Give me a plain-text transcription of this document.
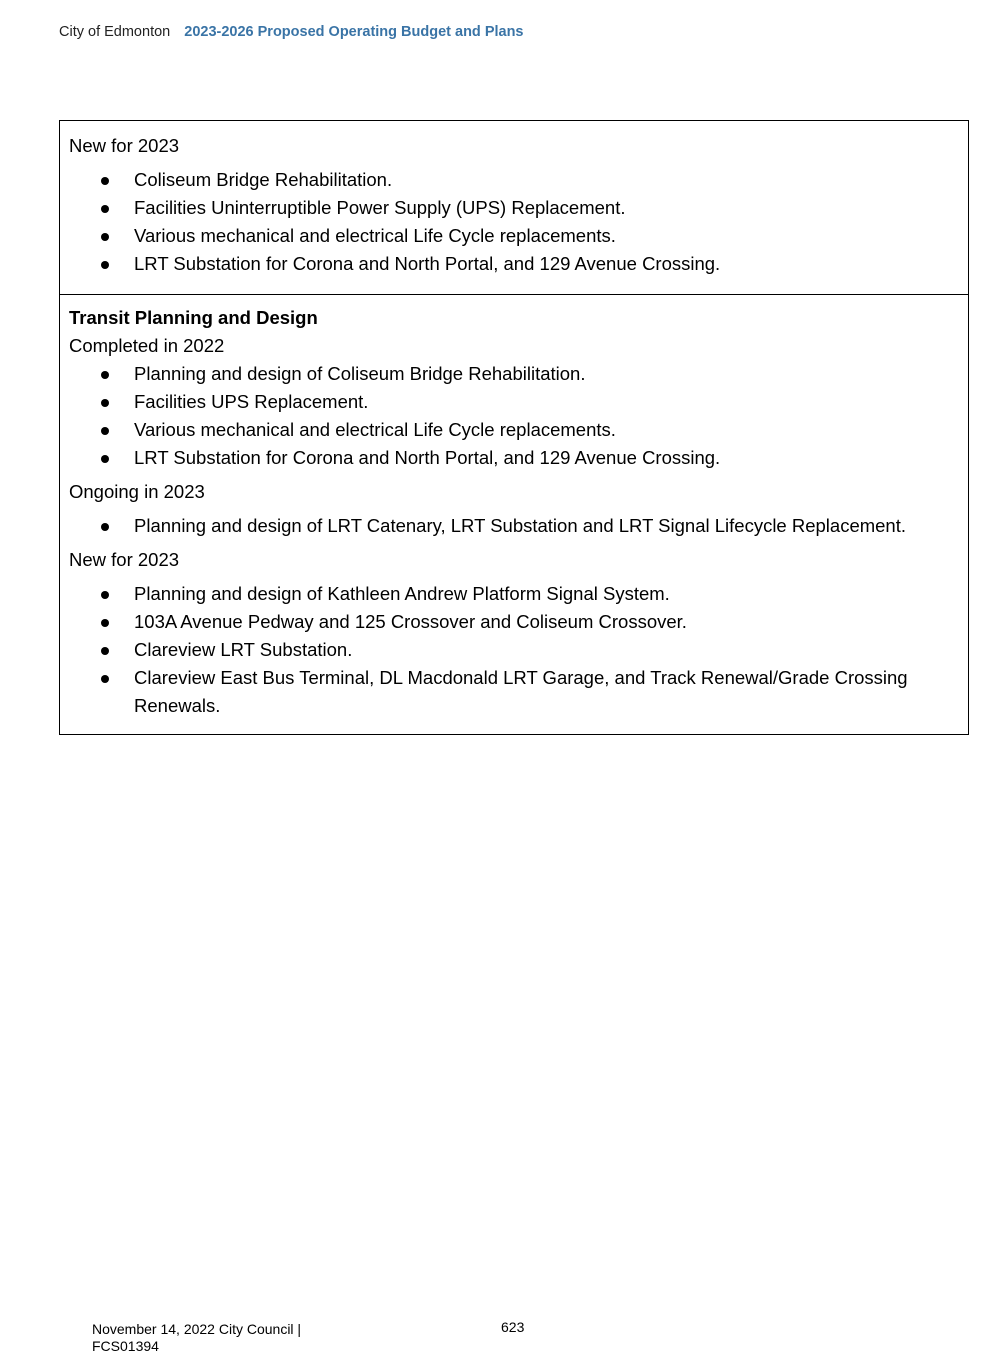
City of Edmonton 2023-2026 Proposed Operating Budget and Plans

New for 2023

Coliseum Bridge Rehabilitation.
Facilities Uninterruptible Power Supply (UPS) Replacement.
Various mechanical and electrical Life Cycle replacements.
LRT Substation for Corona and North Portal, and 129 Avenue Crossing.

Transit Planning and Design

Completed in 2022

Planning and design of Coliseum Bridge Rehabilitation.
Facilities UPS Replacement.
Various mechanical and electrical Life Cycle replacements.
LRT Substation for Corona and North Portal, and 129 Avenue Crossing.

Ongoing in 2023

Planning and design of LRT Catenary, LRT Substation and LRT Signal Lifecycle Replacement.

New for 2023

Planning and design of Kathleen Andrew Platform Signal System.
103A Avenue Pedway and 125 Crossover and Coliseum Crossover.
Clareview LRT Substation.
Clareview East Bus Terminal, DL Macdonald LRT Garage, and Track Renewal/Grade Crossing Renewals.
November 14, 2022 City Council |
FCS01394
623
